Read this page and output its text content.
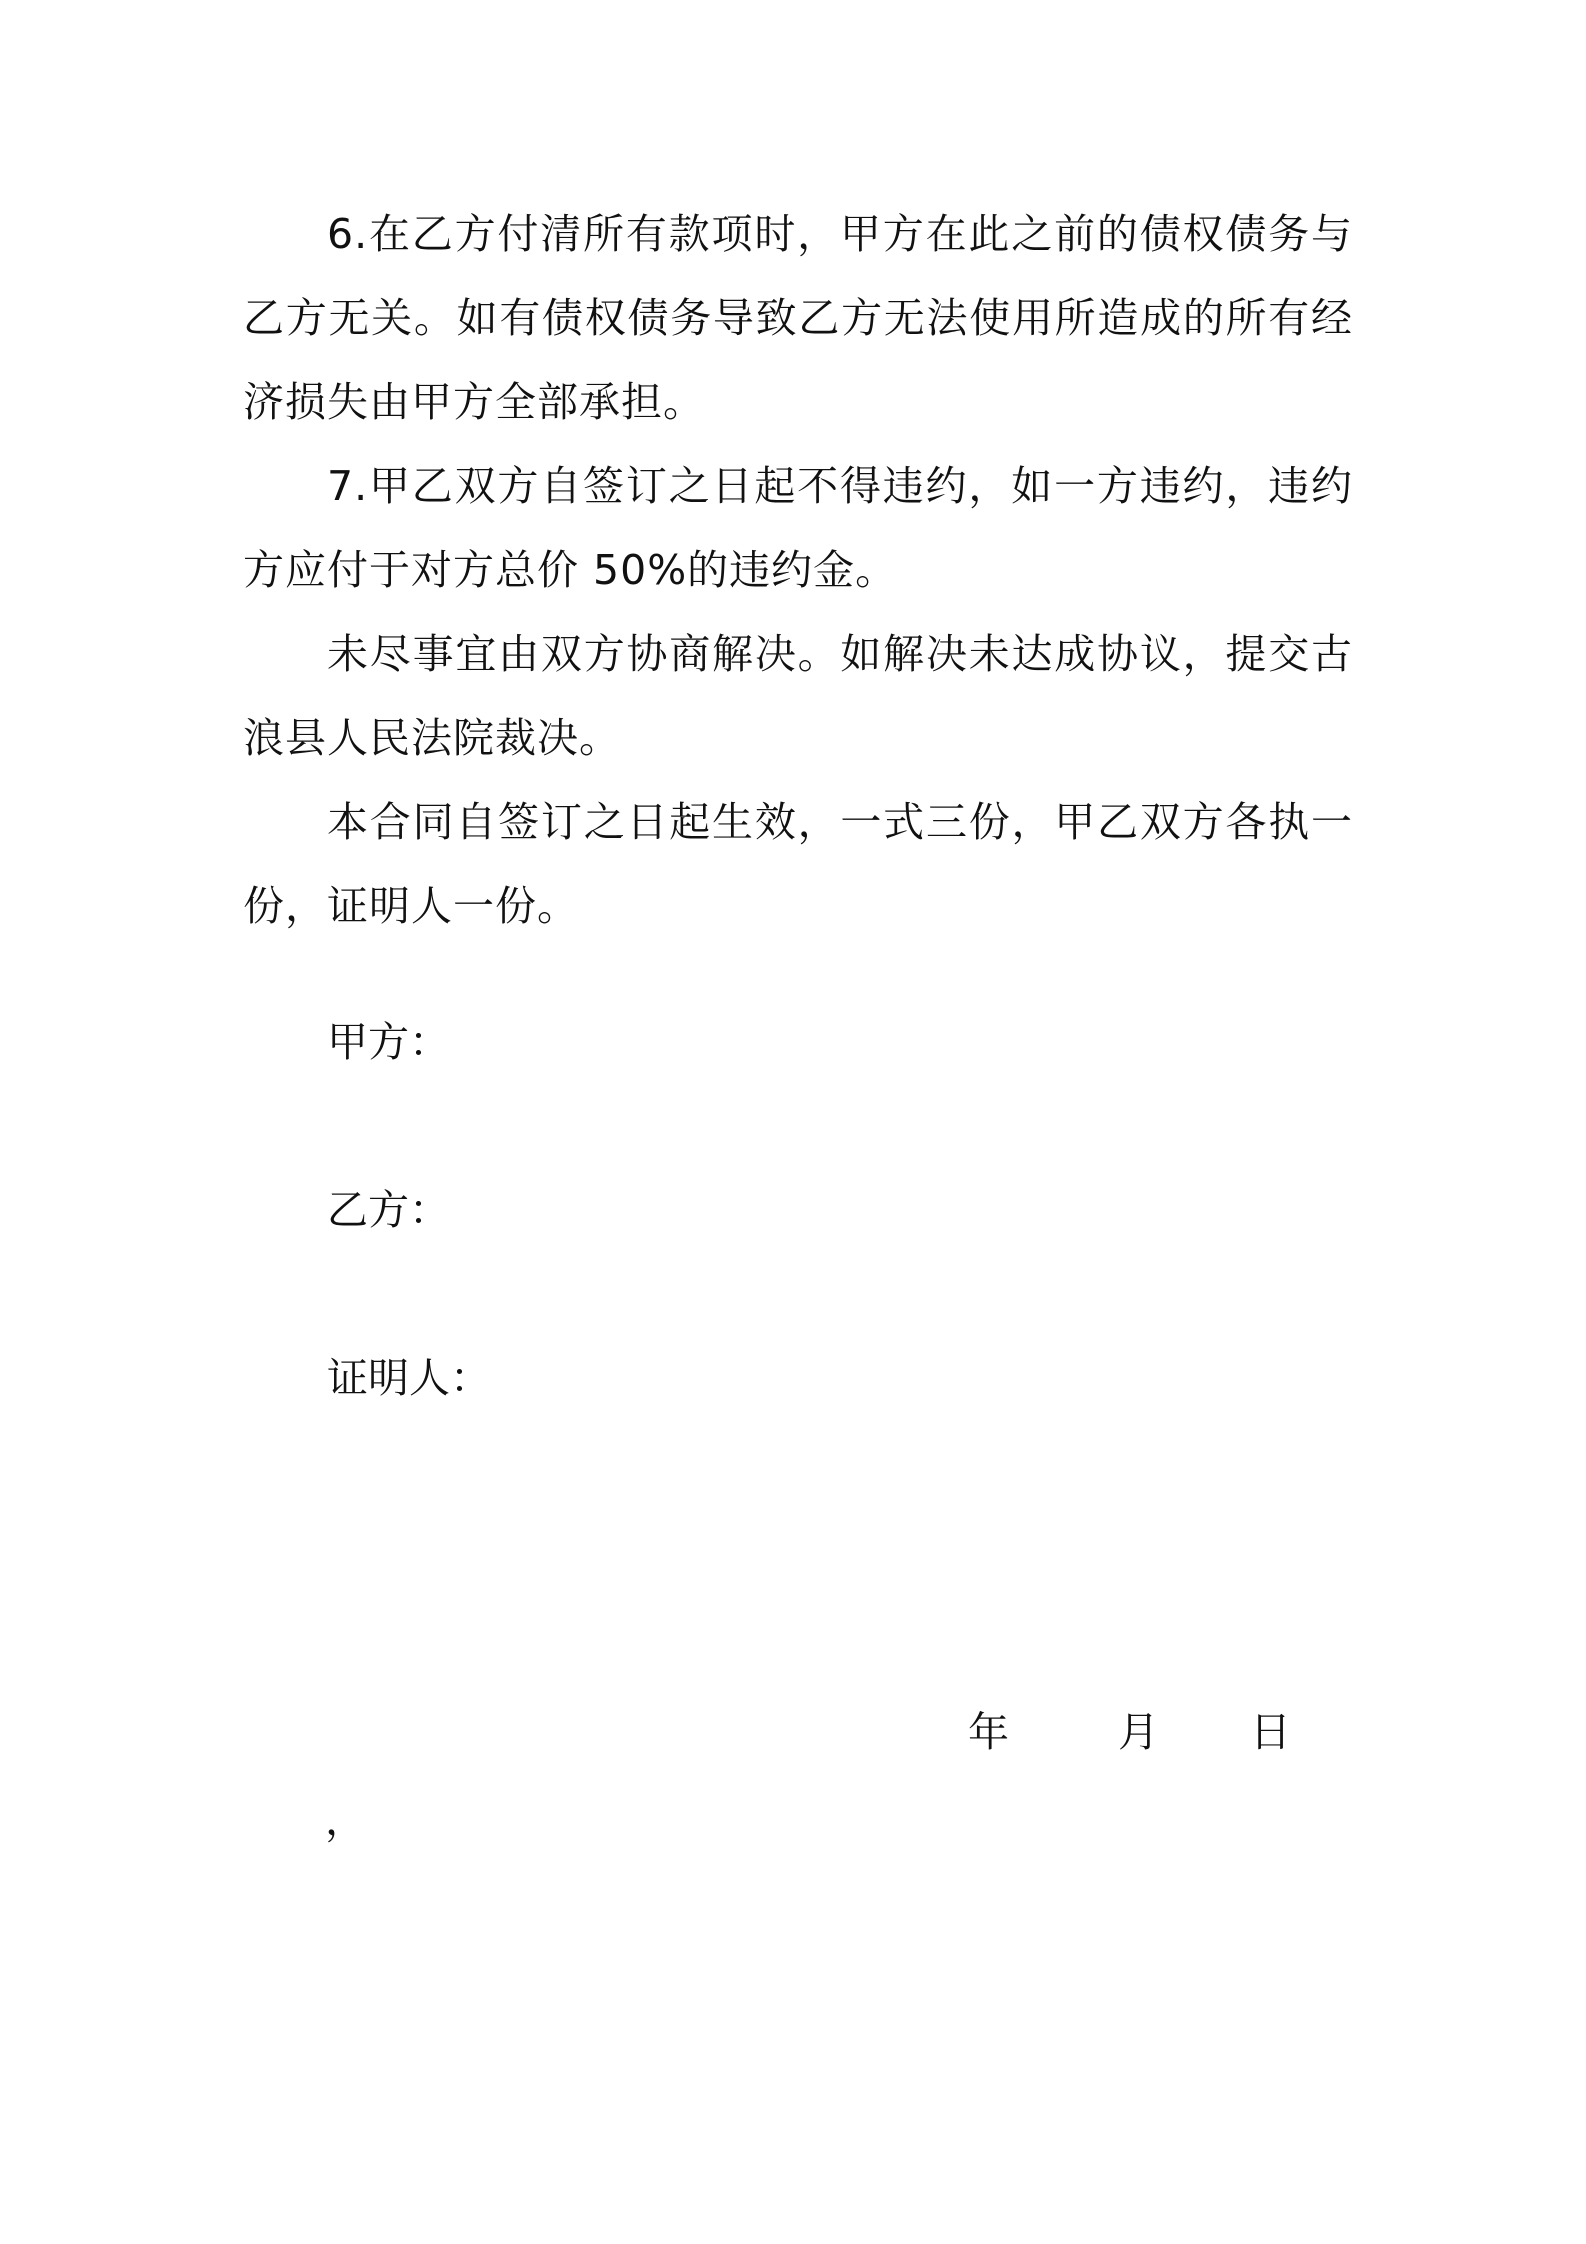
6.在乙方付清所有款项时，甲方在此之前的债权债务与乙方无关。如有债权债务导致乙方无法使用所造成的所有经济损失由甲方全部承担。

7.甲乙双方自签订之日起不得违约，如一方违约，违约方应付于对方总价 50%的违约金。

未尽事宜由双方协商解决。如解决未达成协议，提交古浪县人民法院裁决。

本合同自签订之日起生效，一式三份，甲乙双方各执一份，证明人一份。

甲方：
乙方：
证明人：
年	月 日
，
